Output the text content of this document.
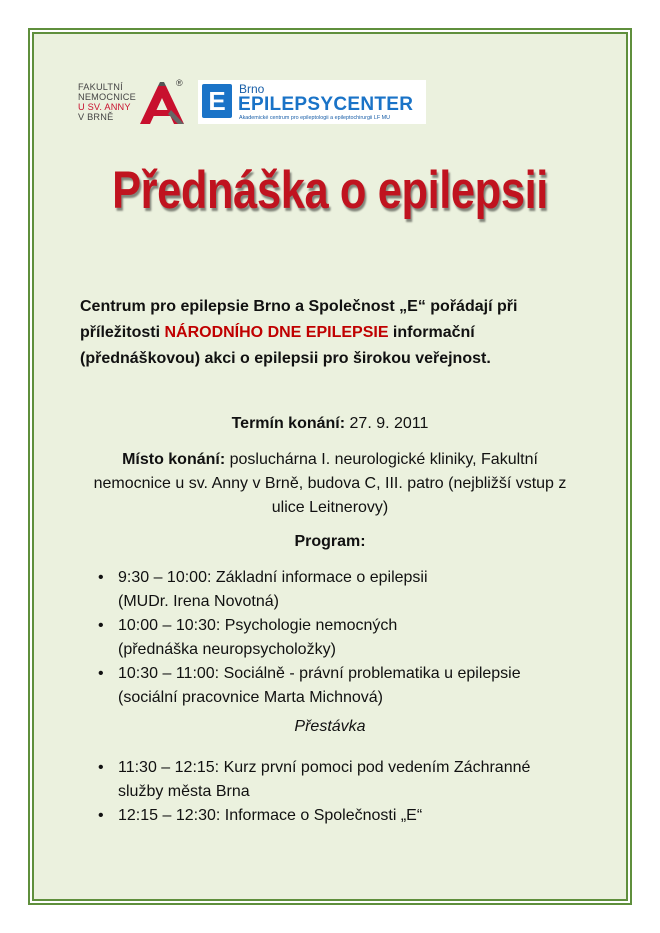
FAKULTNÍ
NEMOCNICE
U SV. ANNY
V BRNĚ
®
E	Brno
EPILEPSYCENTER
Akademické centrum pro epileptologii a epileptochirurgii LF MU
Přednáška o epilepsii
Centrum pro epilepsie Brno a Společnost „E“ pořádají při příležitosti NÁRODNÍHO DNE EPILEPSIE informační (přednáškovou) akci o epilepsii pro širokou veřejnost.
Termín konání: 27. 9. 2011
Místo konání: posluchárna I. neurologické kliniky, Fakultní nemocnice u sv. Anny v Brně, budova C, III. patro (nejbližší vstup z ulice Leitnerovy)
Program:
• 9:30 – 10:00: Základní informace o epilepsii
(MUDr. Irena Novotná)
• 10:00 – 10:30: Psychologie nemocných
(přednáška neuropsycholožky)
• 10:30 – 11:00: Sociálně - právní problematika u epilepsie
(sociální pracovnice Marta Michnová)
Přestávka
• 11:30 – 12:15: Kurz první pomoci pod vedením Záchranné
služby města Brna
• 12:15 – 12:30: Informace o Společnosti „E“
